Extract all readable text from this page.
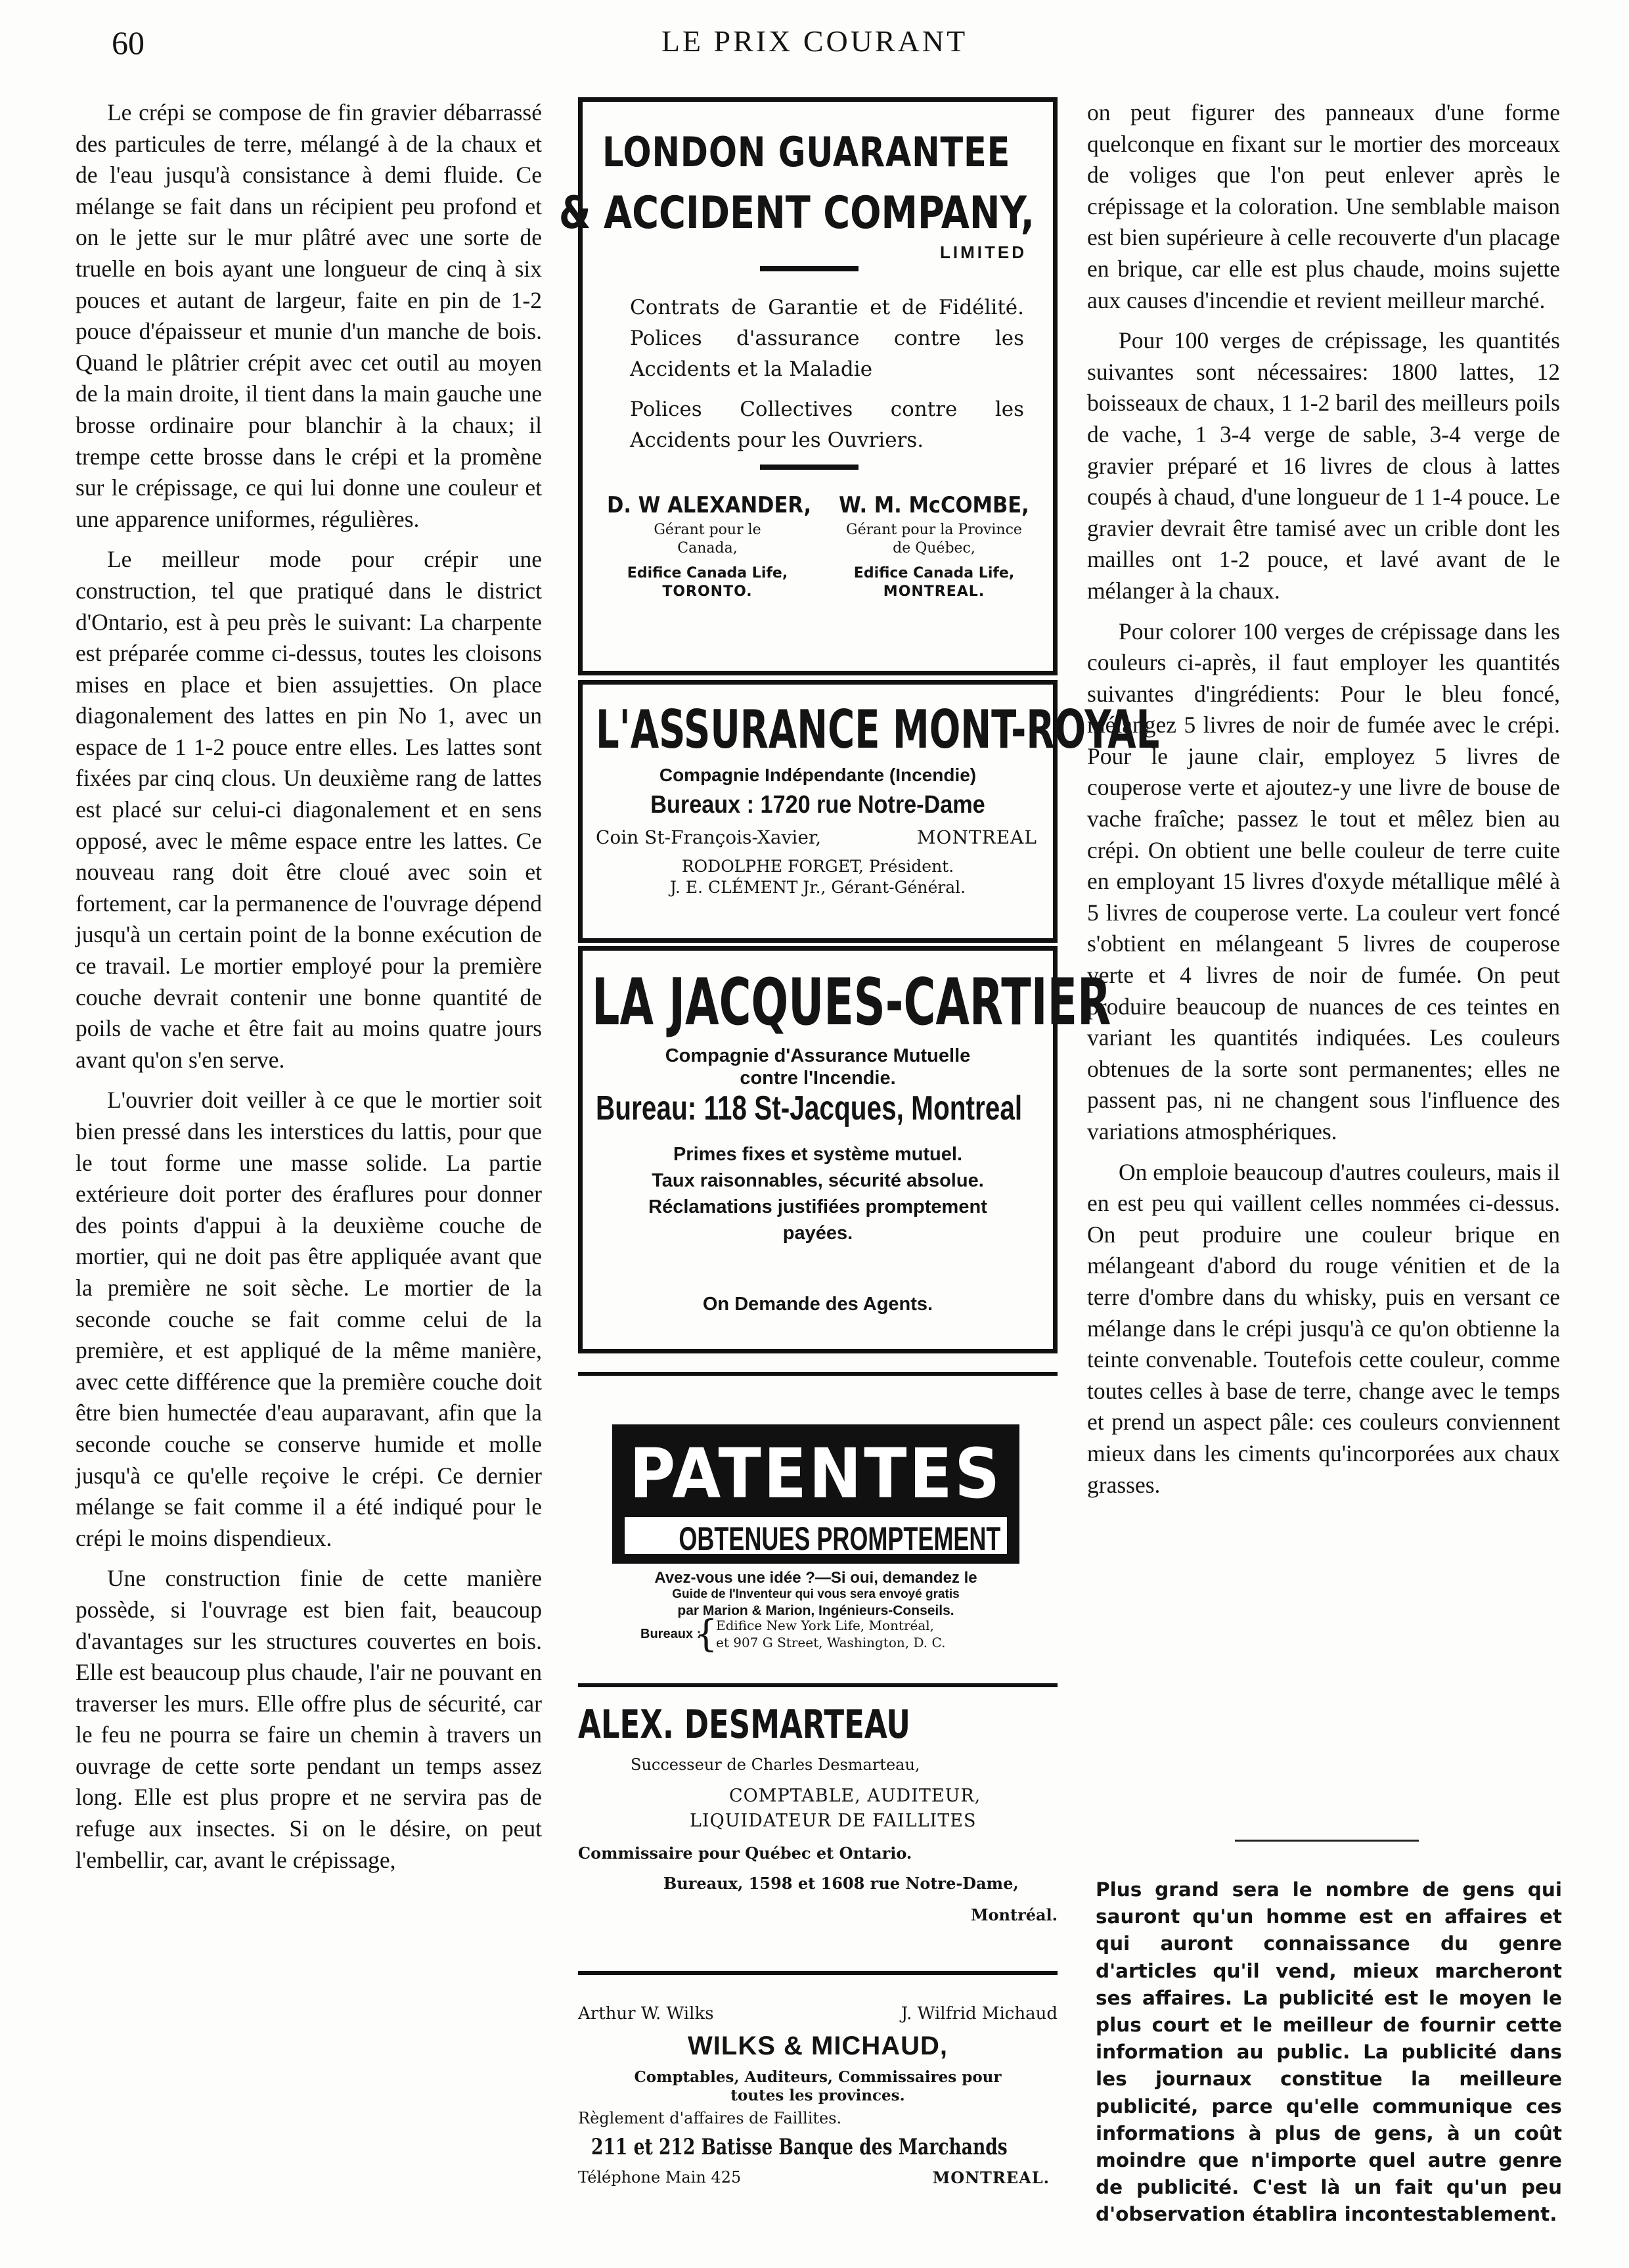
60	LE PRIX COURANT

Le crépi se compose de fin gravier débarrassé des particules de terre, mélangé à de la chaux et de l'eau jusqu'à consistance à demi fluide. Ce mélange se fait dans un récipient peu profond et on le jette sur le mur plâtré avec une sorte de truelle en bois ayant une longueur de cinq à six pouces et autant de largeur, faite en pin de 1-2 pouce d'épaisseur et munie d'un manche de bois. Quand le plâtrier crépit avec cet outil au moyen de la main droite, il tient dans la main gauche une brosse ordinaire pour blanchir à la chaux; il trempe cette brosse dans le crépi et la promène sur le crépissage, ce qui lui donne une couleur et une apparence uniformes, régulières.

Le meilleur mode pour crépir une construction, tel que pratiqué dans le district d'Ontario, est à peu près le suivant: La charpente est préparée comme ci-dessus, toutes les cloisons mises en place et bien assujetties. On place diagonalement des lattes en pin No 1, avec un espace de 1 1-2 pouce entre elles. Les lattes sont fixées par cinq clous. Un deuxième rang de lattes est placé sur celui-ci diagonalement et en sens opposé, avec le même espace entre les lattes. Ce nouveau rang doit être cloué avec soin et fortement, car la permanence de l'ouvrage dépend jusqu'à un certain point de la bonne exécution de ce travail. Le mortier employé pour la première couche devrait contenir une bonne quantité de poils de vache et être fait au moins quatre jours avant qu'on s'en serve.

L'ouvrier doit veiller à ce que le mortier soit bien pressé dans les interstices du lattis, pour que le tout forme une masse solide. La partie extérieure doit porter des éraflures pour donner des points d'appui à la deuxième couche de mortier, qui ne doit pas être appliquée avant que la première ne soit sèche. Le mortier de la seconde couche se fait comme celui de la première, et est appliqué de la même manière, avec cette différence que la première couche doit être bien humectée d'eau auparavant, afin que la seconde couche se conserve humide et molle jusqu'à ce qu'elle reçoive le crépi. Ce dernier mélange se fait comme il a été indiqué pour le crépi le moins dispendieux.

Une construction finie de cette manière possède, si l'ouvrage est bien fait, beaucoup d'avantages sur les structures couvertes en bois. Elle est beaucoup plus chaude, l'air ne pouvant en traverser les murs. Elle offre plus de sécurité, car le feu ne pourra se faire un chemin à travers un ouvrage de cette sorte pendant un temps assez long. Elle est plus propre et ne servira pas de refuge aux insectes. Si on le désire, on peut l'embellir, car, avant le crépissage,

LONDON GUARANTEE
& ACCIDENT COMPANY,
LIMITED

Contrats de Garantie et de Fidélité. Polices d'assurance contre les Accidents et la Maladie

Polices Collectives contre les Accidents pour les Ouvriers.

D. W ALEXANDER,
Gérant pour le
Canada,
Edifice Canada Life,
TORONTO.
W. M. McCOMBE,
Gérant pour la Province
de Québec,
Edifice Canada Life,
MONTREAL.
L'ASSURANCE MONT-ROYAL
Compagnie Indépendante (Incendie)
Bureaux : 1720 rue Notre-Dame
Coin St-François-Xavier,	MONTREAL
RODOLPHE FORGET, Président.
J. E. CLÉMENT Jr., Gérant-Général.
LA JACQUES-CARTIER
Compagnie d'Assurance Mutuelle
contre l'Incendie.
Bureau: 118 St-Jacques, Montreal
Primes fixes et système mutuel.
Taux raisonnables, sécurité absolue.
Réclamations justifiées promptement
payées.
On Demande des Agents.
PATENTES
OBTENUES PROMPTEMENT
Avez-vous une idée ?—Si oui, demandez le
Guide de l'Inventeur qui vous sera envoyé gratis
par Marion & Marion, Ingénieurs-Conseils.
Bureaux :
{
Edifice New York Life, Montréal,
et 907 G Street, Washington, D. C.
ALEX. DESMARTEAU
Successeur de Charles Desmarteau,
COMPTABLE, AUDITEUR,
LIQUIDATEUR DE FAILLITES
Commissaire pour Québec et Ontario.
Bureaux, 1598 et 1608 rue Notre-Dame,
Montréal.
Arthur W. Wilks	J. Wilfrid Michaud
WILKS & MICHAUD,
Comptables, Auditeurs, Commissaires pour
toutes les provinces.
Règlement d'affaires de Faillites.
211 et 212 Batisse Banque des Marchands
Téléphone Main 425	MONTREAL.

on peut figurer des panneaux d'une forme quelconque en fixant sur le mortier des morceaux de voliges que l'on peut enlever après le crépissage et la coloration. Une semblable maison est bien supérieure à celle recouverte d'un placage en brique, car elle est plus chaude, moins sujette aux causes d'incendie et revient meilleur marché.

Pour 100 verges de crépissage, les quantités suivantes sont nécessaires: 1800 lattes, 12 boisseaux de chaux, 1 1-2 baril des meilleurs poils de vache, 1 3-4 verge de sable, 3-4 verge de gravier préparé et 16 livres de clous à lattes coupés à chaud, d'une longueur de 1 1-4 pouce. Le gravier devrait être tamisé avec un crible dont les mailles ont 1-2 pouce, et lavé avant de le mélanger à la chaux.

Pour colorer 100 verges de crépissage dans les couleurs ci-après, il faut employer les quantités suivantes d'ingrédients: Pour le bleu foncé, mélangez 5 livres de noir de fumée avec le crépi. Pour le jaune clair, employez 5 livres de couperose verte et ajoutez-y une livre de bouse de vache fraîche; passez le tout et mêlez bien au crépi. On obtient une belle couleur de terre cuite en employant 15 livres d'oxyde métallique mêlé à 5 livres de couperose verte. La couleur vert foncé s'obtient en mélangeant 5 livres de couperose verte et 4 livres de noir de fumée. On peut produire beaucoup de nuances de ces teintes en variant les quantités indiquées. Les couleurs obtenues de la sorte sont permanentes; elles ne passent pas, ni ne changent sous l'influence des variations atmosphériques.

On emploie beaucoup d'autres couleurs, mais il en est peu qui vaillent celles nommées ci-dessus. On peut produire une couleur brique en mélangeant d'abord du rouge vénitien et de la terre d'ombre dans du whisky, puis en versant ce mélange dans le crépi jusqu'à ce qu'on obtienne la teinte convenable. Toutefois cette couleur, comme toutes celles à base de terre, change avec le temps et prend un aspect pâle: ces couleurs conviennent mieux dans les ciments qu'incorporées aux chaux grasses.

Plus grand sera le nombre de gens qui sauront qu'un homme est en affaires et qui auront connaissance du genre d'articles qu'il vend, mieux marcheront ses affaires. La publicité est le moyen le plus court et le meilleur de fournir cette information au public. La publicité dans les journaux constitue la meilleure publicité, parce qu'elle communique ces informations à plus de gens, à un coût moindre que n'importe quel autre genre de publicité. C'est là un fait qu'un peu d'observation établira incontestablement.
